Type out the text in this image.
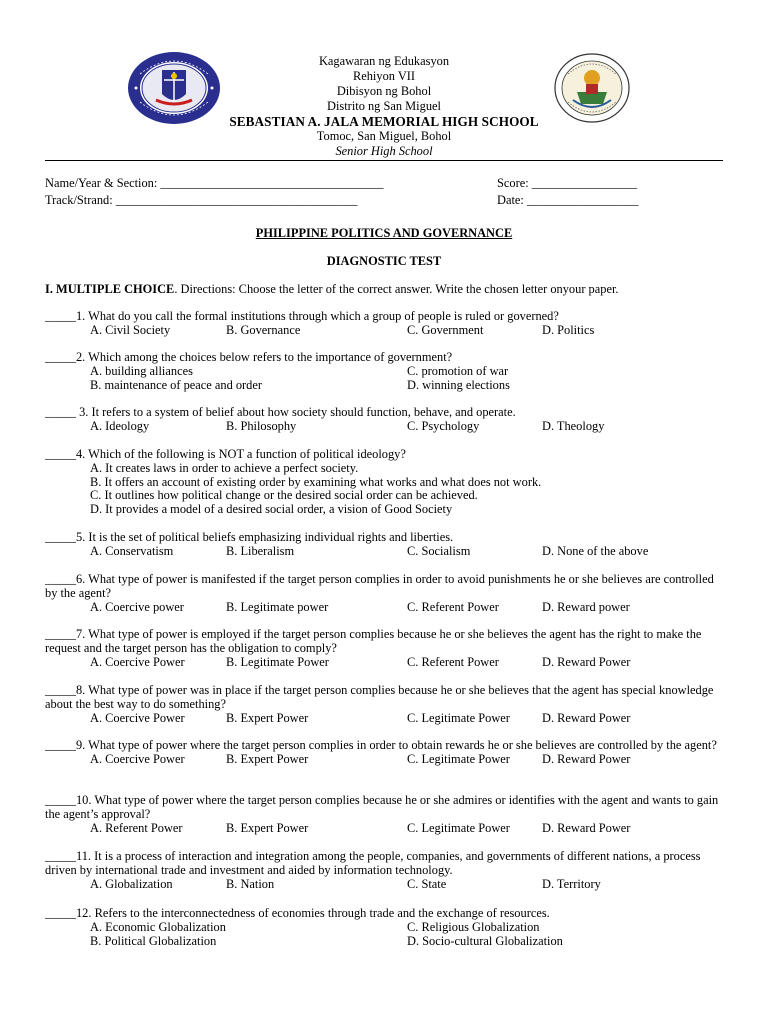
Kagawaran ng Edukasyon
Rehiyon VII
Dibisyon ng Bohol
Distrito ng San Miguel
SEBASTIAN A. JALA MEMORIAL HIGH SCHOOL
Tomoc, San Miguel, Bohol
Senior High School
Name/Year & Section: ____________________________________	Score: _________________
Track/Strand: _______________________________________	Date: __________________
PHILIPPINE POLITICS AND GOVERNANCE
DIAGNOSTIC TEST
I. MULTIPLE CHOICE. Directions: Choose the letter of the correct answer. Write the chosen letter onyour paper.
_____1. What do you call the formal institutions through which a group of people is ruled or governed?
A. Civil Society	B. Governance	C. Government	D. Politics
_____2. Which among the choices below refers to the importance of government?
A. building alliances	C. promotion of war
B. maintenance of peace and order	D. winning elections
_____ 3. It refers to a system of belief about how society should function, behave, and operate.
A. Ideology	B. Philosophy	C. Psychology	D. Theology
_____4. Which of the following is NOT a function of political ideology?
A. It creates laws in order to achieve a perfect society.
B. It offers an account of existing order by examining what works and what does not work.
C. It outlines how political change or the desired social order can be achieved.
D. It provides a model of a desired social order, a vision of Good Society
_____5. It is the set of political beliefs emphasizing individual rights and liberties.
A. Conservatism	B. Liberalism	C. Socialism	D. None of the above
_____6. What type of power is manifested if the target person complies in order to avoid punishments he or she believes are controlled by the agent?
A. Coercive power	B. Legitimate power	C. Referent Power	D. Reward power
_____7. What type of power is employed if the target person complies because he or she believes the agent has the right to make the request and the target person has the obligation to comply?
A. Coercive Power	B. Legitimate Power	C. Referent Power	D. Reward Power
_____8. What type of power was in place if the target person complies because he or she believes that the agent has special knowledge about the best way to do something?
A. Coercive Power	B. Expert Power	C. Legitimate Power	D. Reward Power
_____9. What type of power where the target person complies in order to obtain rewards he or she believes are controlled by the agent?
A. Coercive Power	B. Expert Power	C. Legitimate Power	D. Reward Power
_____10. What type of power where the target person complies because he or she admires or identifies with the agent and wants to gain the agent’s approval?
A. Referent Power	B. Expert Power	C. Legitimate Power	D. Reward Power
_____11. It is a process of interaction and integration among the people, companies, and governments of different nations, a process driven by international trade and investment and aided by information technology.
A. Globalization	B. Nation	C. State	D. Territory
_____12. Refers to the interconnectedness of economies through trade and the exchange of resources.
A. Economic Globalization	C. Religious Globalization
B. Political Globalization	D. Socio-cultural Globalization
